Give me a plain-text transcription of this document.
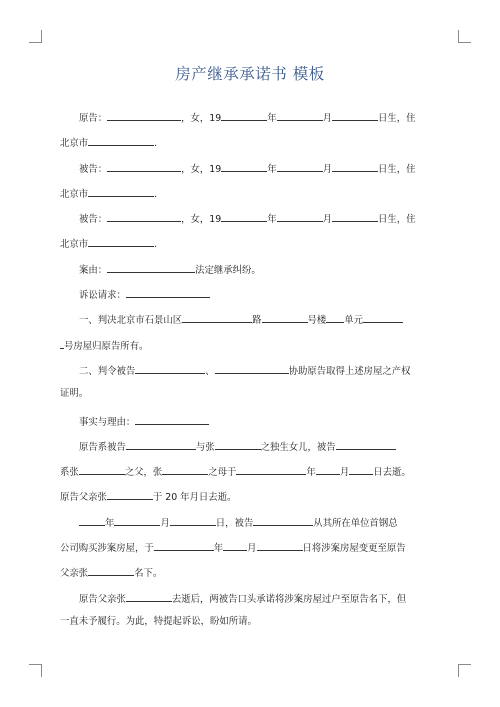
房产继承承诺书 模板
原告：	，女，19	年	月	日生，住
北京市	.
被告：	，女，19	年	月	日生，住
北京市	.
被告：	，女，19	年	月	日生，住
北京市	.
案由：	法定继承纠纷。
诉讼请求：
一、判决北京市石景山区	路	号楼 单元
号房屋归原告所有。
二、判令被告	、	协助原告取得上述房屋之产权
证明。
事实与理由：
原告系被告	与张	之独生女儿，被告
系张	之父，张	之母于	年	月	日去逝。
原告父亲张	于 20 年月日去逝。
年	月	日，被告	从其所在单位首钢总
公司购买涉案房屋，于	年	月	日将涉案房屋变更至原告
父亲张	名下。
原告父亲张	去逝后，两被告口头承诺将涉案房屋过户至原告名下，但
一直未予履行。为此，特提起诉讼，盼如所请。
